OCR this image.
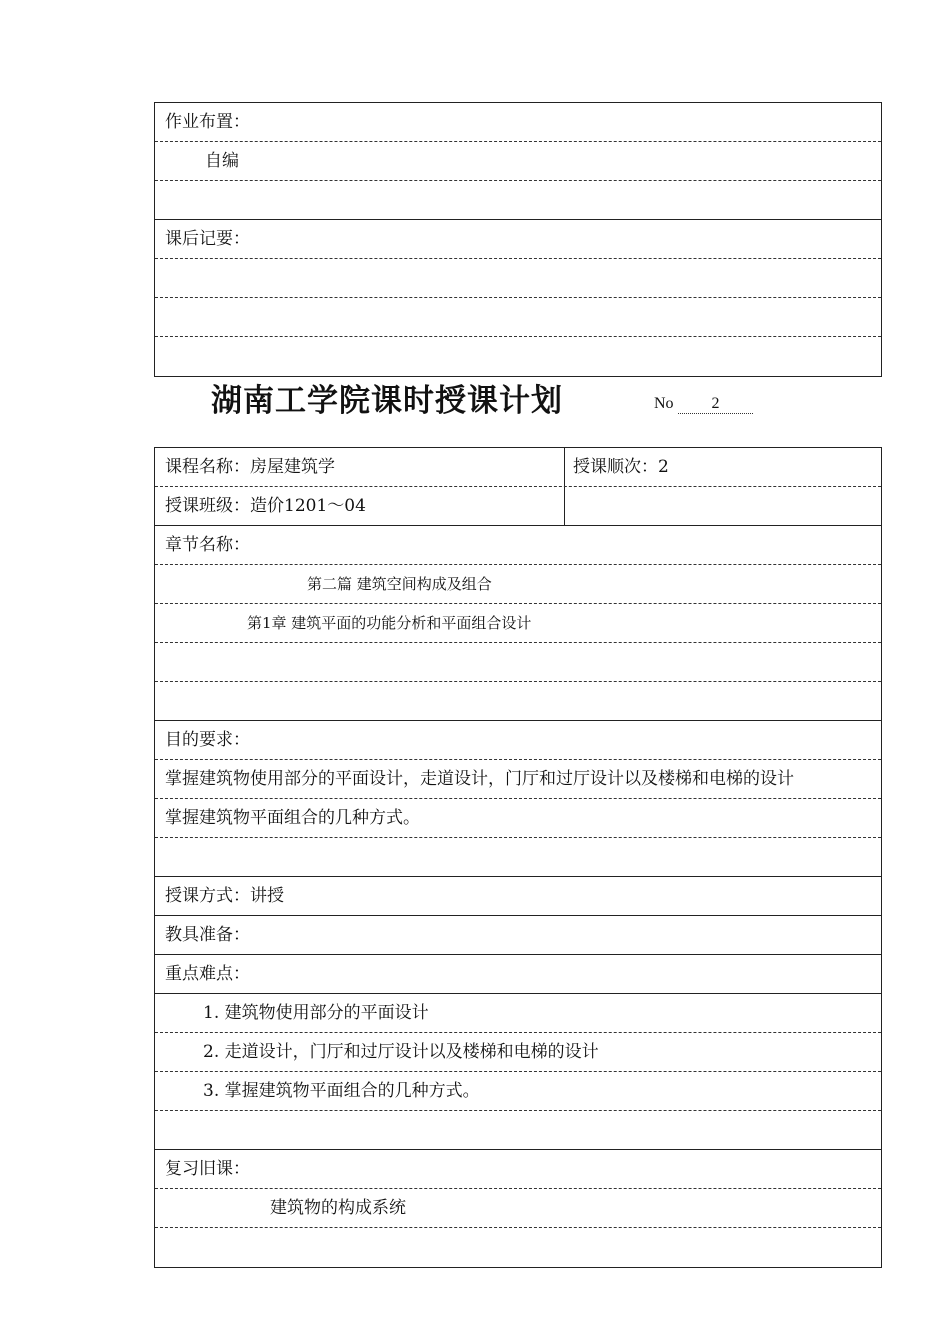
作业布置：
自编
课后记要：
湖南工学院课时授课计划	No	2
课程名称：房屋建筑学	授课顺次：2
授课班级：造价1201～04
章节名称：
第二篇 建筑空间构成及组合
第1章 建筑平面的功能分析和平面组合设计
目的要求：
掌握建筑物使用部分的平面设计，走道设计，门厅和过厅设计以及楼梯和电梯的设计
掌握建筑物平面组合的几种方式。
授课方式：讲授
教具准备：
重点难点：
1. 建筑物使用部分的平面设计
2. 走道设计，门厅和过厅设计以及楼梯和电梯的设计
3. 掌握建筑物平面组合的几种方式。
复习旧课：
建筑物的构成系统
